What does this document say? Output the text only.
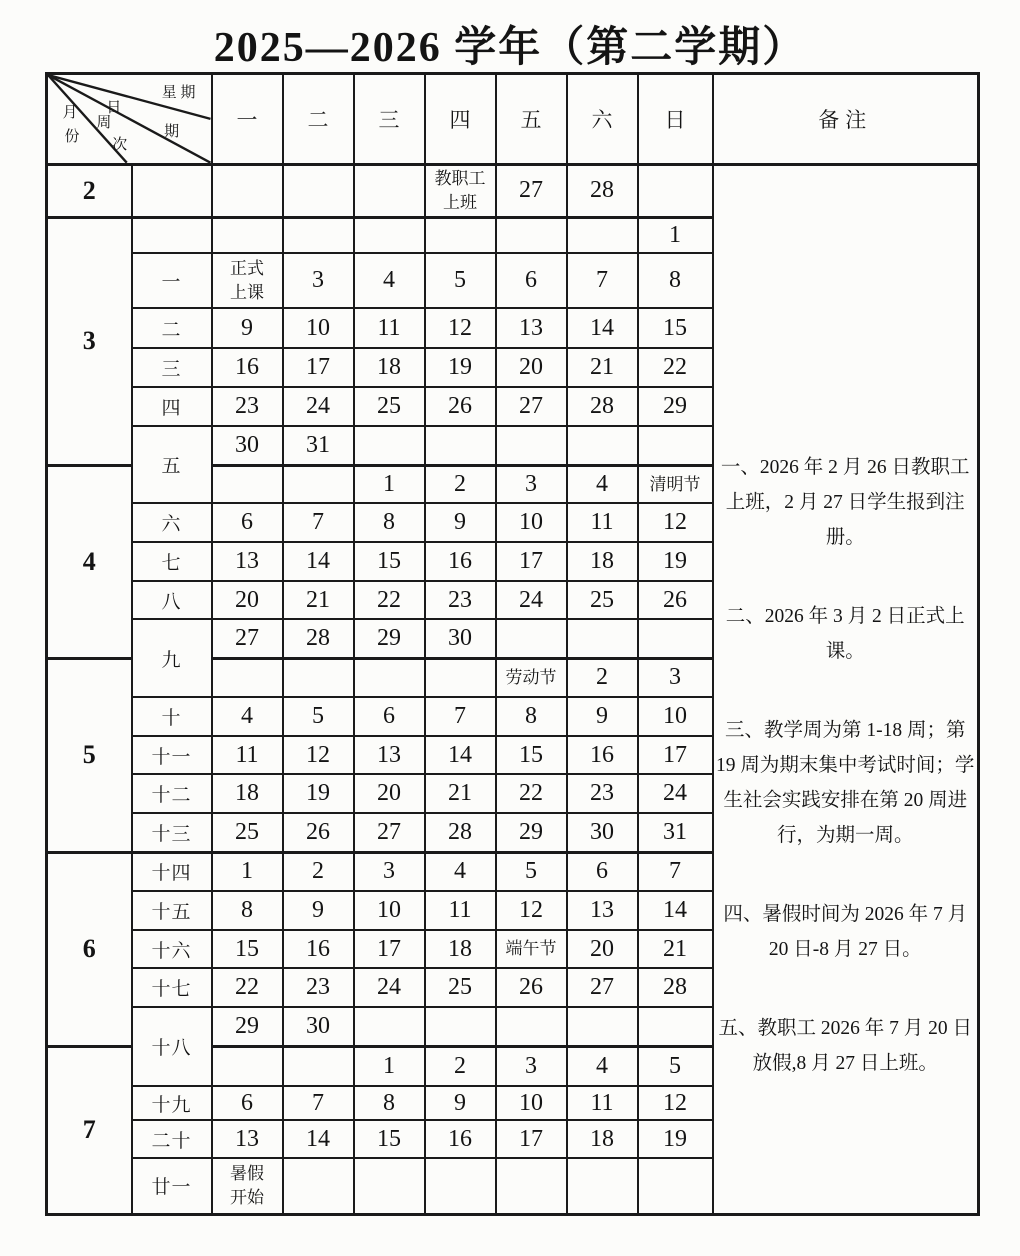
2025—2026 学年（第二学期）
星 期
日
期
周
次
月
份
	一	二	三	四	五	六	日	备注
2					教职工
上班	27	28		

一、2026 年 2 月 26 日教职工上班，2 月 27 日学生报到注册。

二、2026 年 3 月 2 日正式上课。

三、教学周为第 1-18 周；第 19 周为期末集中考试时间；学生社会实践安排在第 20 周进行，为期一周。

四、暑假时间为 2026 年 7 月 20 日-8 月 27 日。

五、教职工 2026 年 7 月 20 日放假,8 月 27 日上班。

3								1	
	一	正式
上课	3	4	5	6	7	8	
	二	9	10	11	12	13	14	15	
	三	16	17	18	19	20	21	22	
	四	23	24	25	26	27	28	29	
	五	30	31						
4				1	2	3	4	清明节	
	六	6	7	8	9	10	11	12	
	七	13	14	15	16	17	18	19	
	八	20	21	22	23	24	25	26	
	九	27	28	29	30				
5						劳动节	2	3	
	十	4	5	6	7	8	9	10	
	十一	11	12	13	14	15	16	17	
	十二	18	19	20	21	22	23	24	
	十三	25	26	27	28	29	30	31	
6	十四	1	2	3	4	5	6	7	
	十五	8	9	10	11	12	13	14	
	十六	15	16	17	18	端午节	20	21	
	十七	22	23	24	25	26	27	28	
	十八	29	30						
7				1	2	3	4	5	
	十九	6	7	8	9	10	11	12	
	二十	13	14	15	16	17	18	19	
	廿一	暑假
开始							
